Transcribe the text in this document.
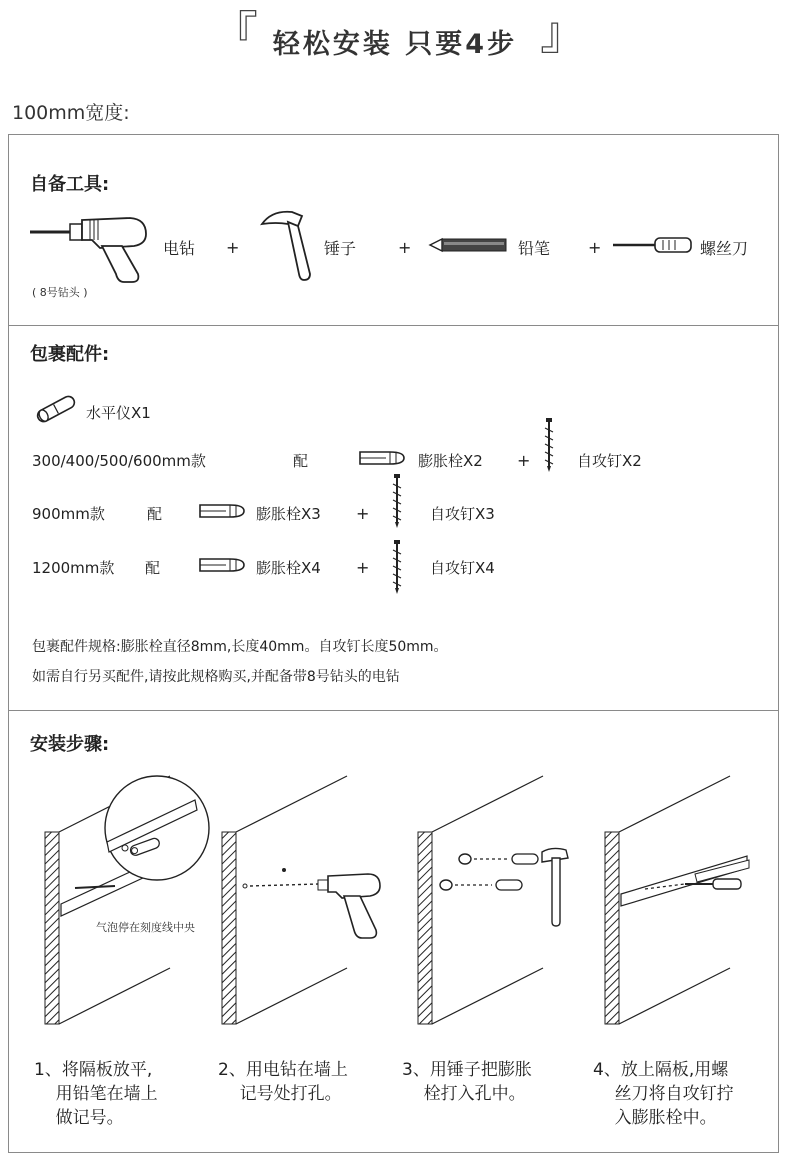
『 轻松安装 只要4步 』
100mm宽度:
自备工具:
电钻
( 8号钻头 )
+	锤子	+	铅笔 +	螺丝刀
包裹配件:
水平仪X1
300/400/500/600mm款	配	膨胀栓X2 +	自攻钉X2
900mm款	配	膨胀栓X3 +	自攻钉X3
1200mm款 配	膨胀栓X4 +	自攻钉X4
包裹配件规格:膨胀栓直径8mm,长度40mm。自攻钉长度50mm。
如需自行另买配件,请按此规格购买,并配备带8号钻头的电钻
安装步骤:
气泡停在刻度线中央
1、将隔板放平,
用铅笔在墙上
做记号。
2、用电钻在墙上
记号处打孔。
3、用锤子把膨胀
栓打入孔中。
4、放上隔板,用螺
丝刀将自攻钉拧
入膨胀栓中。
